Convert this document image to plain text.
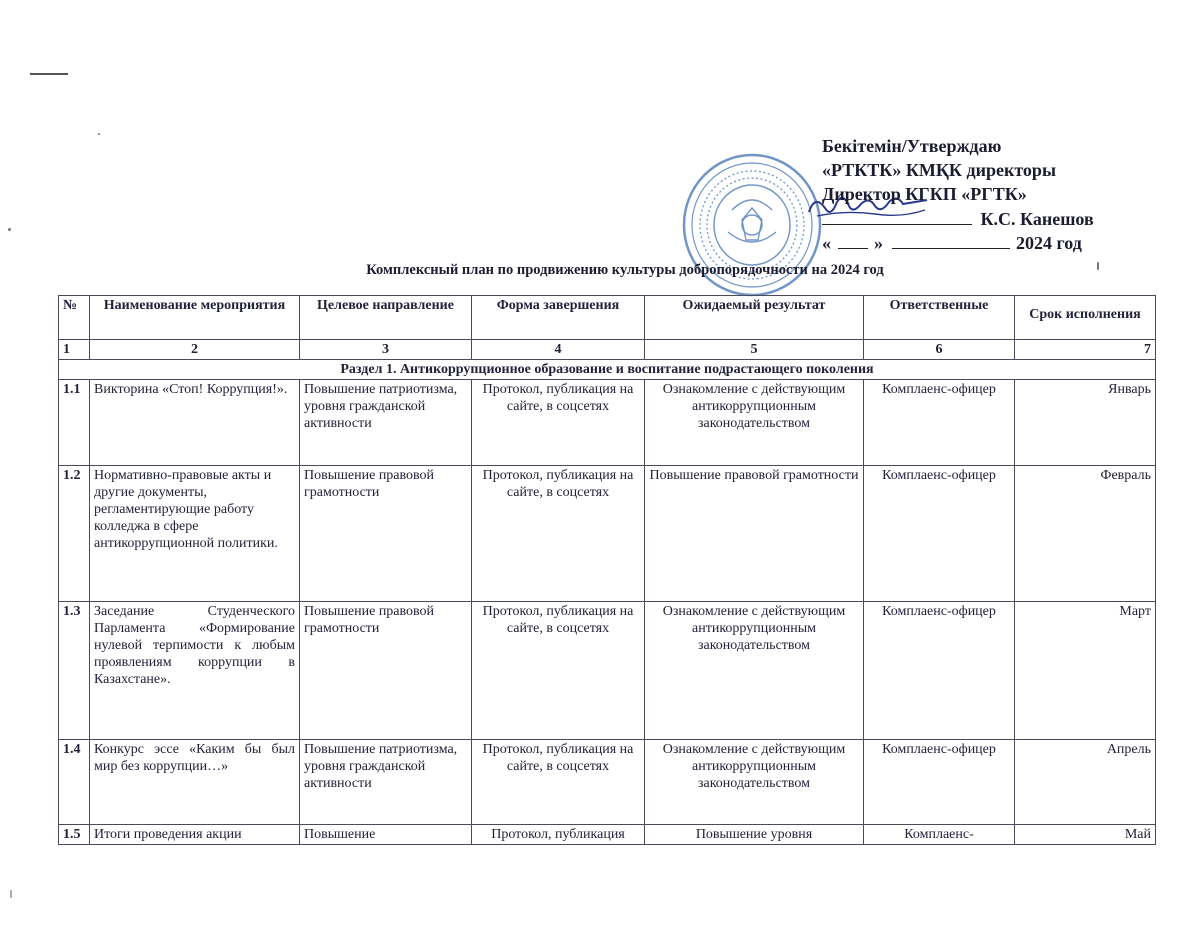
Бекітемін/Утверждаю
«РТКТК» КМҚК директоры
Директор КГКП «РГТК»
К.С. Канешов
« »	2024 год
Комплексный план по продвижению культуры добропорядочности на 2024 год
№	Наименование мероприятия	Целевое направление	Форма завершения	Ожидаемый результат	Ответственные	Срок исполнения
1	2	3	4	5	6	7
Раздел 1. Антикоррупционное образование и воспитание подрастающего поколения						
1.1	Викторина «Стоп! Коррупция!».	Повышение патриотизма, уровня гражданской активности	Протокол, публикация на сайте, в соцсетях	Ознакомление с действующим антикоррупционным законодательством	Комплаенс-офицер	Январь
1.2	Нормативно-правовые акты и другие документы, регламентирующие работу колледжа в сфере антикоррупционной политики.	Повышение правовой грамотности	Протокол, публикация на сайте, в соцсетях	Повышение правовой грамотности	Комплаенс-офицер	Февраль
1.3	Заседание Студенческого Парламента «Формирование нулевой терпимости к любым проявлениям коррупции в Казахстане».	Повышение правовой грамотности	Протокол, публикация на сайте, в соцсетях	Ознакомление с действующим антикоррупционным законодательством	Комплаенс-офицер	Март
1.4	Конкурс эссе «Каким бы был мир без коррупции…»	Повышение патриотизма, уровня гражданской активности	Протокол, публикация на сайте, в соцсетях	Ознакомление с действующим антикоррупционным законодательством	Комплаенс-офицер	Апрель
1.5	Итоги проведения акции	Повышение	Протокол, публикация	Повышение уровня	Комплаенс-	Май
